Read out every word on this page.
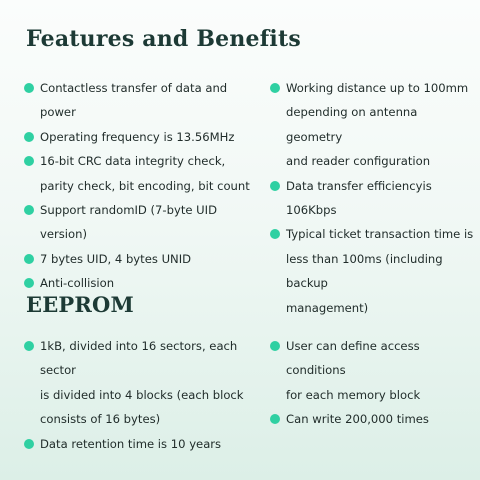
Features and Benefits
Contactless transfer of data and power
Operating frequency is 13.56MHz
16-bit CRC data integrity check,
parity check, bit encoding, bit count
Support randomID (7-byte UID version)
7 bytes UID, 4 bytes UNID
Anti-collision
Working distance up to 100mm
depending on antenna geometry
and reader configuration
Data transfer efficiencyis 106Kbps
Typical ticket transaction time is
less than 100ms (including backup
management)
EEPROM
1kB, divided into 16 sectors, each sector
is divided into 4 blocks (each block
consists of 16 bytes)
Data retention time is 10 years
User can define access conditions
for each memory block
Can write 200,000 times
